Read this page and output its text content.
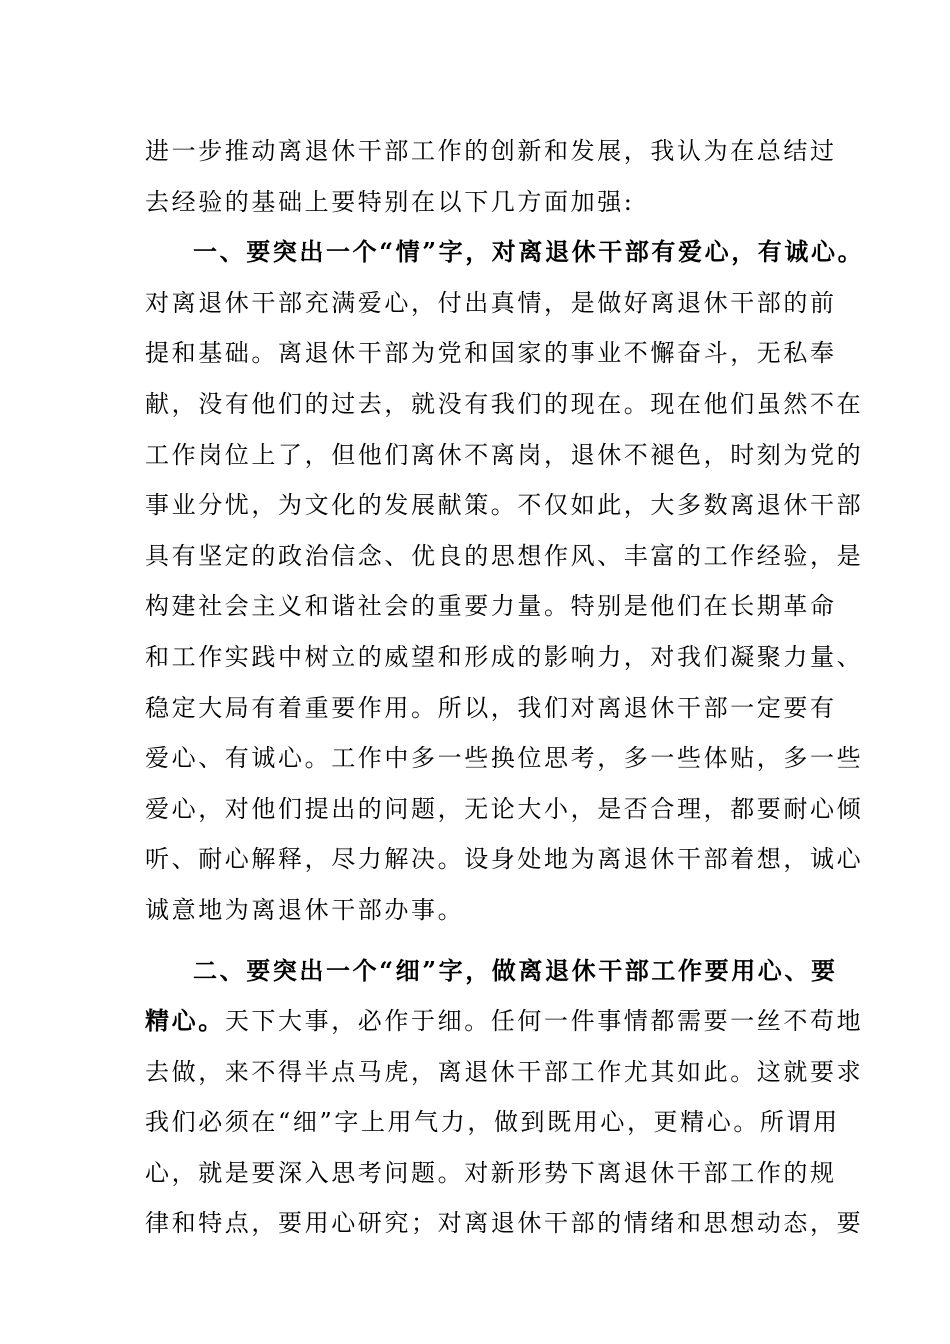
进一步推动离退休干部工作的创新和发展，我认为在总结过
去经验的基础上要特别在以下几方面加强:
一、要突出一个“情”字，对离退休干部有爱心，有诚心。
对离退休干部充满爱心，付出真情，是做好离退休干部的前
提和基础。离退休干部为党和国家的事业不懈奋斗，无私奉
献，没有他们的过去，就没有我们的现在。现在他们虽然不在
工作岗位上了，但他们离休不离岗，退休不褪色，时刻为党的
事业分忧，为文化的发展献策。不仅如此，大多数离退休干部
具有坚定的政治信念、优良的思想作风、丰富的工作经验，是
构建社会主义和谐社会的重要力量。特别是他们在长期革命
和工作实践中树立的威望和形成的影响力，对我们凝聚力量、
稳定大局有着重要作用。所以，我们对离退休干部一定要有
爱心、有诚心。工作中多一些换位思考，多一些体贴，多一些
爱心，对他们提出的问题，无论大小，是否合理，都要耐心倾
听、耐心解释，尽力解决。设身处地为离退休干部着想，诚心
诚意地为离退休干部办事。
二、要突出一个“细”字，做离退休干部工作要用心、要
精心。天下大事，必作于细。任何一件事情都需要一丝不苟地
去做，来不得半点马虎，离退休干部工作尤其如此。这就要求
我们必须在“细”字上用气力，做到既用心，更精心。所谓用
心，就是要深入思考问题。对新形势下离退休干部工作的规
律和特点，要用心研究；对离退休干部的情绪和思想动态，要
